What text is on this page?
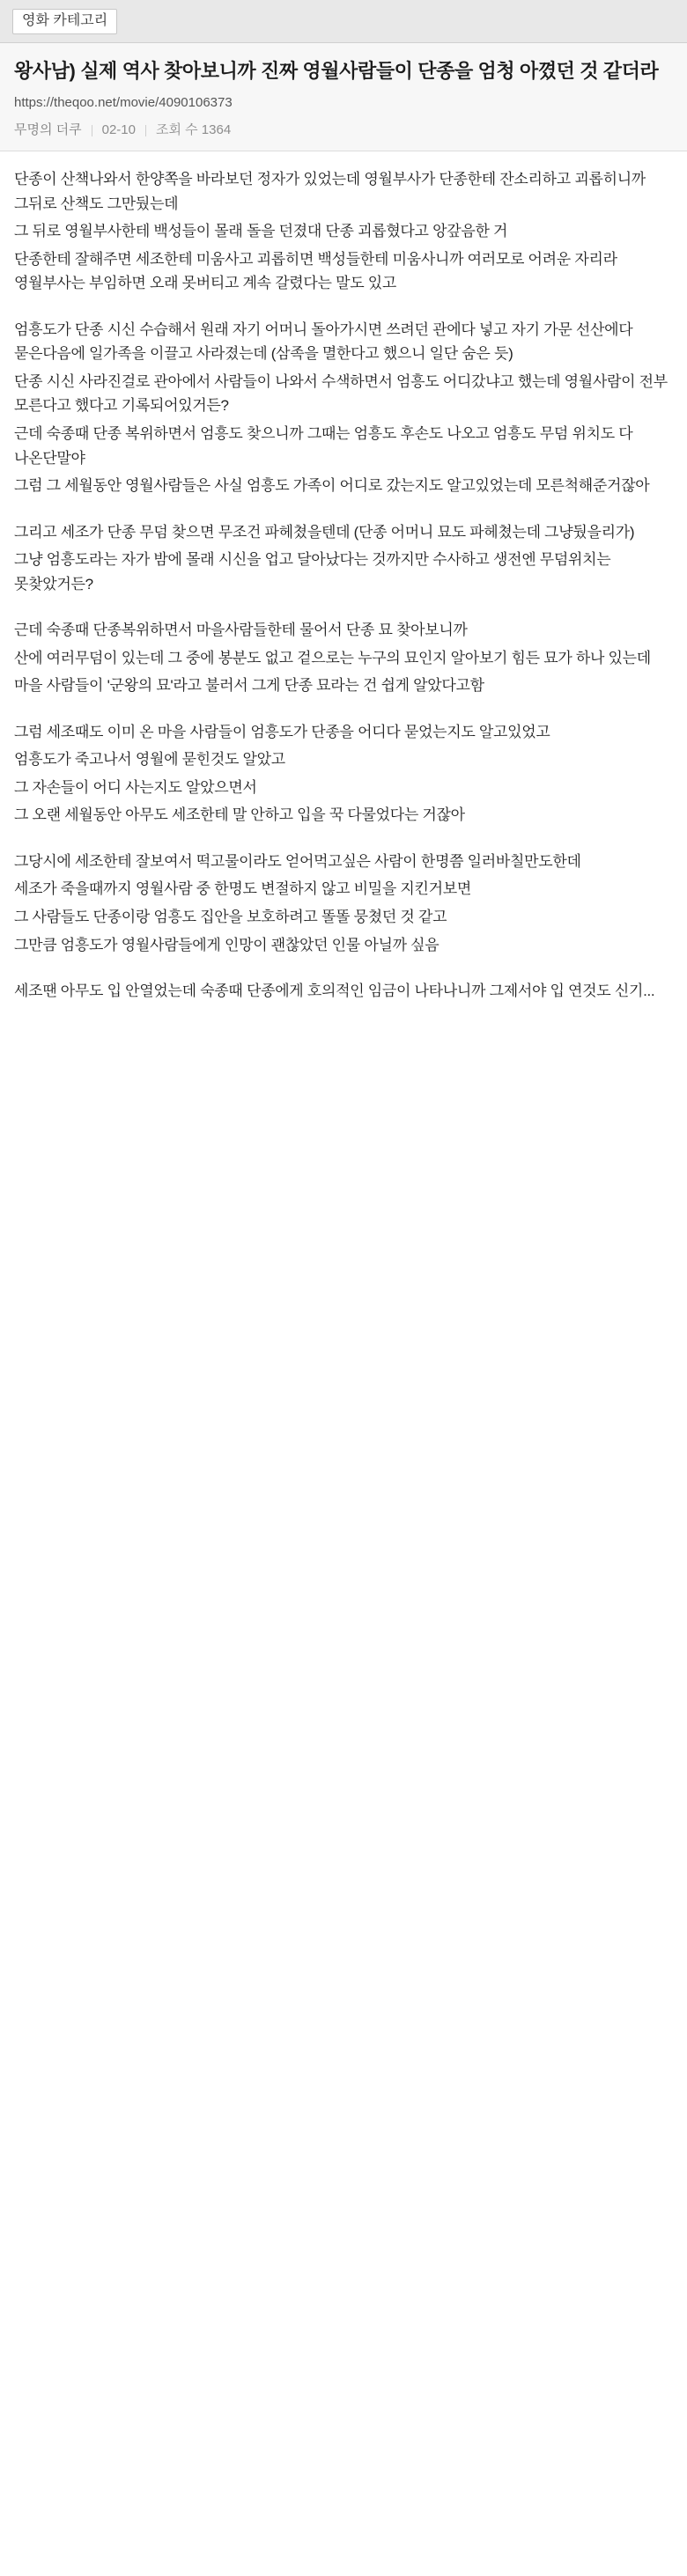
영화 카테고리
왕사남) 실제 역사 찾아보니까 진짜 영월사람들이 단종을 엄청 아꼈던 것 같더라
https://theqoo.net/movie/4090106373
무명의 더쿠 02-10 조회 수 1364

단종이 산책나와서 한양쪽을 바라보던 정자가 있었는데 영월부사가 단종한테 잔소리하고 괴롭히니까 그뒤로 산책도 그만뒀는데

그 뒤로 영월부사한테 백성들이 몰래 돌을 던졌대 단종 괴롭혔다고 앙갚음한 거

단종한테 잘해주면 세조한테 미움사고 괴롭히면 백성들한테 미움사니까 여러모로 어려운 자리라 영월부사는 부임하면 오래 못버티고 계속 갈렸다는 말도 있고

엄흥도가 단종 시신 수습해서 원래 자기 어머니 돌아가시면 쓰려던 관에다 넣고 자기 가문 선산에다 묻은다음에 일가족을 이끌고 사라졌는데 (삼족을 멸한다고 했으니 일단 숨은 듯)

단종 시신 사라진걸로 관아에서 사람들이 나와서 수색하면서 엄흥도 어디갔냐고 했는데 영월사람이 전부 모른다고 했다고 기록되어있거든?

근데 숙종때 단종 복위하면서 엄흥도 찾으니까 그때는 엄흥도 후손도 나오고 엄흥도 무덤 위치도 다 나온단말야

그럼 그 세월동안 영월사람들은 사실 엄흥도 가족이 어디로 갔는지도 알고있었는데 모른척해준거잖아

그리고 세조가 단종 무덤 찾으면 무조건 파헤쳤을텐데 (단종 어머니 묘도 파헤쳤는데 그냥뒀을리가)

그냥 엄흥도라는 자가 밤에 몰래 시신을 업고 달아났다는 것까지만 수사하고 생전엔 무덤위치는 못찾았거든?

근데 숙종때 단종복위하면서 마을사람들한테 물어서 단종 묘 찾아보니까

산에 여러무덤이 있는데 그 중에 봉분도 없고 겉으로는 누구의 묘인지 알아보기 힘든 묘가 하나 있는데

마을 사람들이 '군왕의 묘'라고 불러서 그게 단종 묘라는 건 쉽게 알았다고함

그럼 세조때도 이미 온 마을 사람들이 엄흥도가 단종을 어디다 묻었는지도 알고있었고

엄흥도가 죽고나서 영월에 묻힌것도 알았고

그 자손들이 어디 사는지도 알았으면서

그 오랜 세월동안 아무도 세조한테 말 안하고 입을 꾹 다물었다는 거잖아

그당시에 세조한테 잘보여서 떡고물이라도 얻어먹고싶은 사람이 한명쯤 일러바칠만도한데

세조가 죽을때까지 영월사람 중 한명도 변절하지 않고 비밀을 지킨거보면

그 사람들도 단종이랑 엄흥도 집안을 보호하려고 똘똘 뭉쳤던 것 같고

그만큼 엄흥도가 영월사람들에게 인망이 괜찮았던 인물 아닐까 싶음

세조땐 아무도 입 안열었는데 숙종때 단종에게 호의적인 임금이 나타나니까 그제서야 입 연것도 신기...
